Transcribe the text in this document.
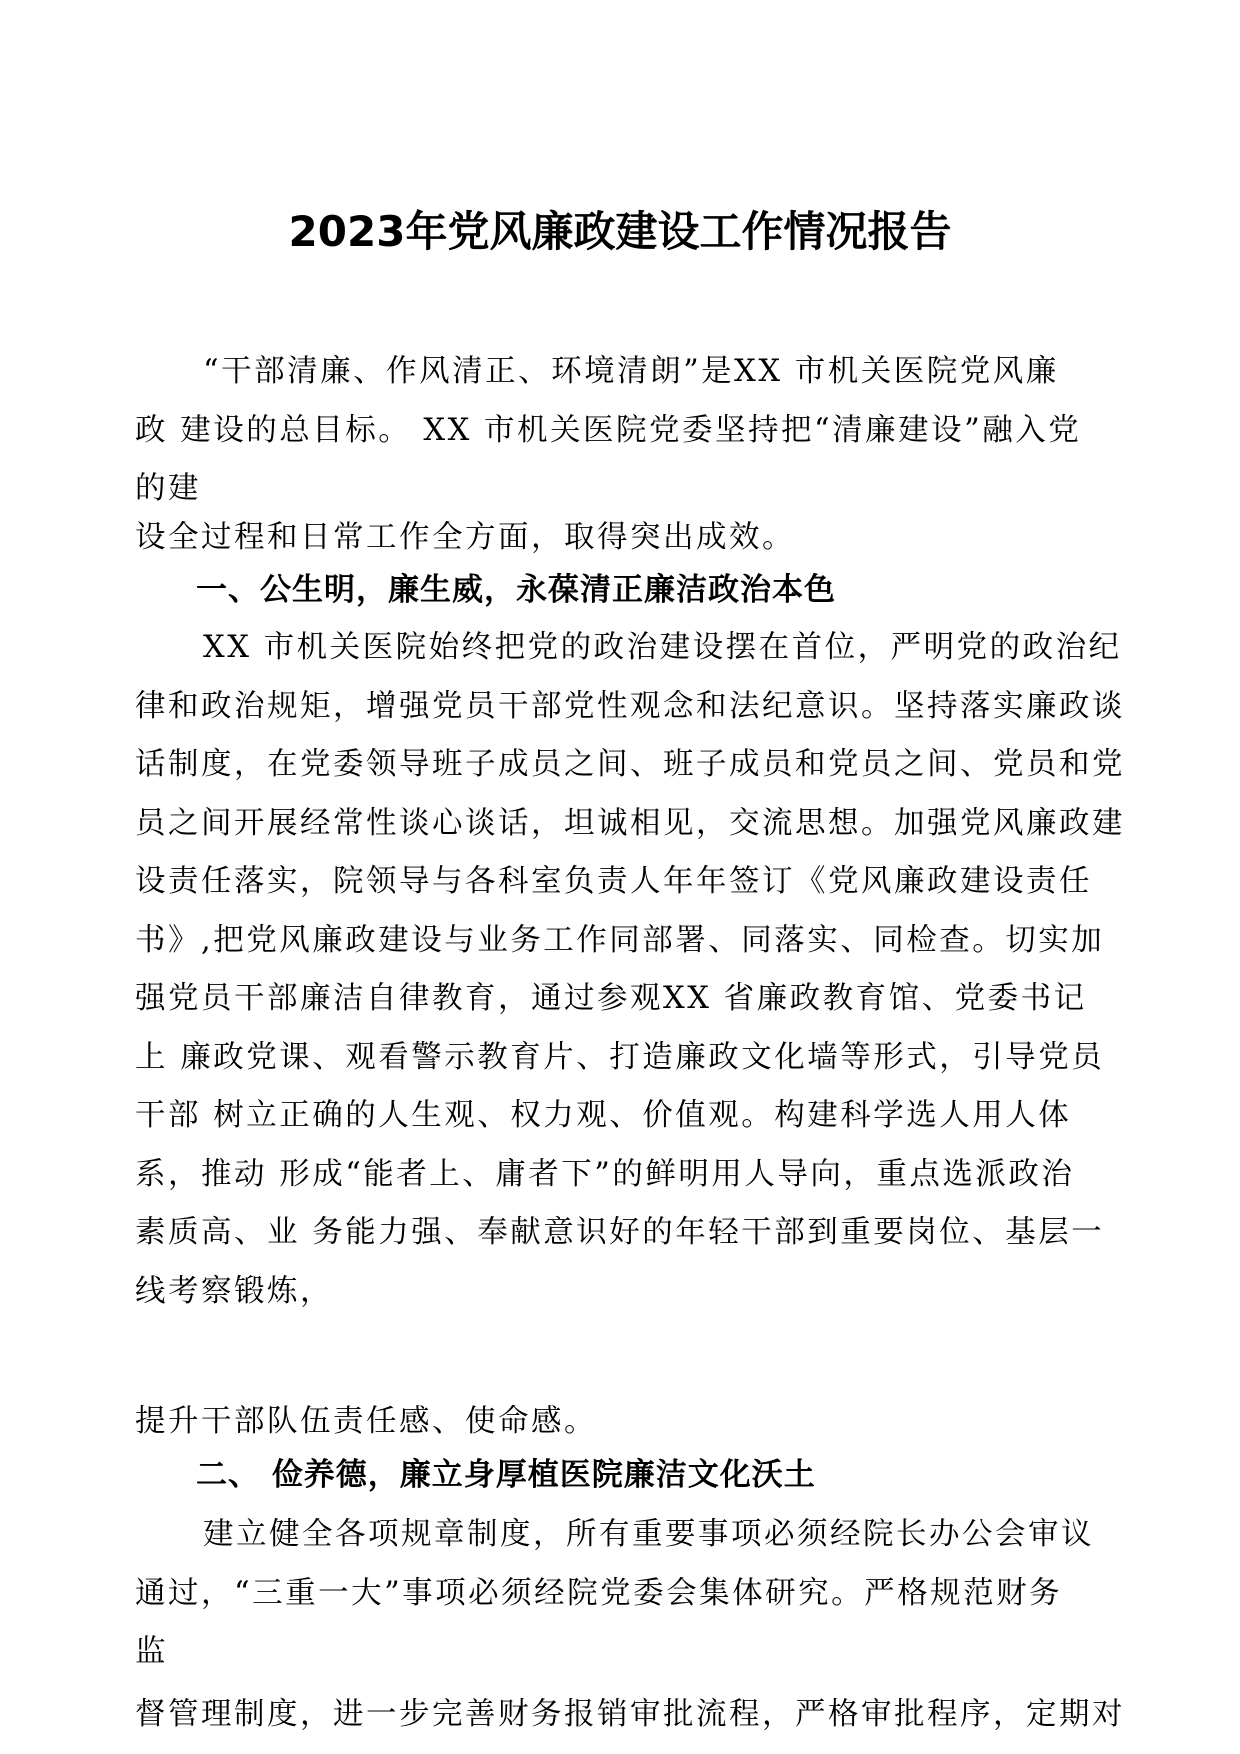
2023年党风廉政建设工作情况报告
“干部清廉、作风清正、环境清朗”是XX 市机关医院党风廉
政 建设的总目标。 XX 市机关医院党委坚持把“清廉建设”融入党
的建
设全过程和日常工作全方面，取得突出成效。
一、公生明，廉生威，永葆清正廉洁政治本色
XX 市机关医院始终把党的政治建设摆在首位，严明党的政治纪
律和政治规矩，增强党员干部党性观念和法纪意识。坚持落实廉政谈
话制度，在党委领导班子成员之间、班子成员和党员之间、党员和党
员之间开展经常性谈心谈话，坦诚相见，交流思想。加强党风廉政建
设责任落实，院领导与各科室负责人年年签订《党风廉政建设责任
书》,把党风廉政建设与业务工作同部署、同落实、同检查。切实加
强党员干部廉洁自律教育，通过参观XX 省廉政教育馆、党委书记
上 廉政党课、观看警示教育片、打造廉政文化墙等形式，引导党员
干部 树立正确的人生观、权力观、价值观。构建科学选人用人体
系，推动 形成“能者上、庸者下”的鲜明用人导向，重点选派政治
素质高、业 务能力强、奉献意识好的年轻干部到重要岗位、基层一
线考察锻炼，
提升干部队伍责任感、使命感。
二、 俭养德，廉立身厚植医院廉洁文化沃土
建立健全各项规章制度，所有重要事项必须经院长办公会审议
通过，“三重一大”事项必须经院党委会集体研究。严格规范财务
监
督管理制度，进一步完善财务报销审批流程，严格审批程序，定期对
